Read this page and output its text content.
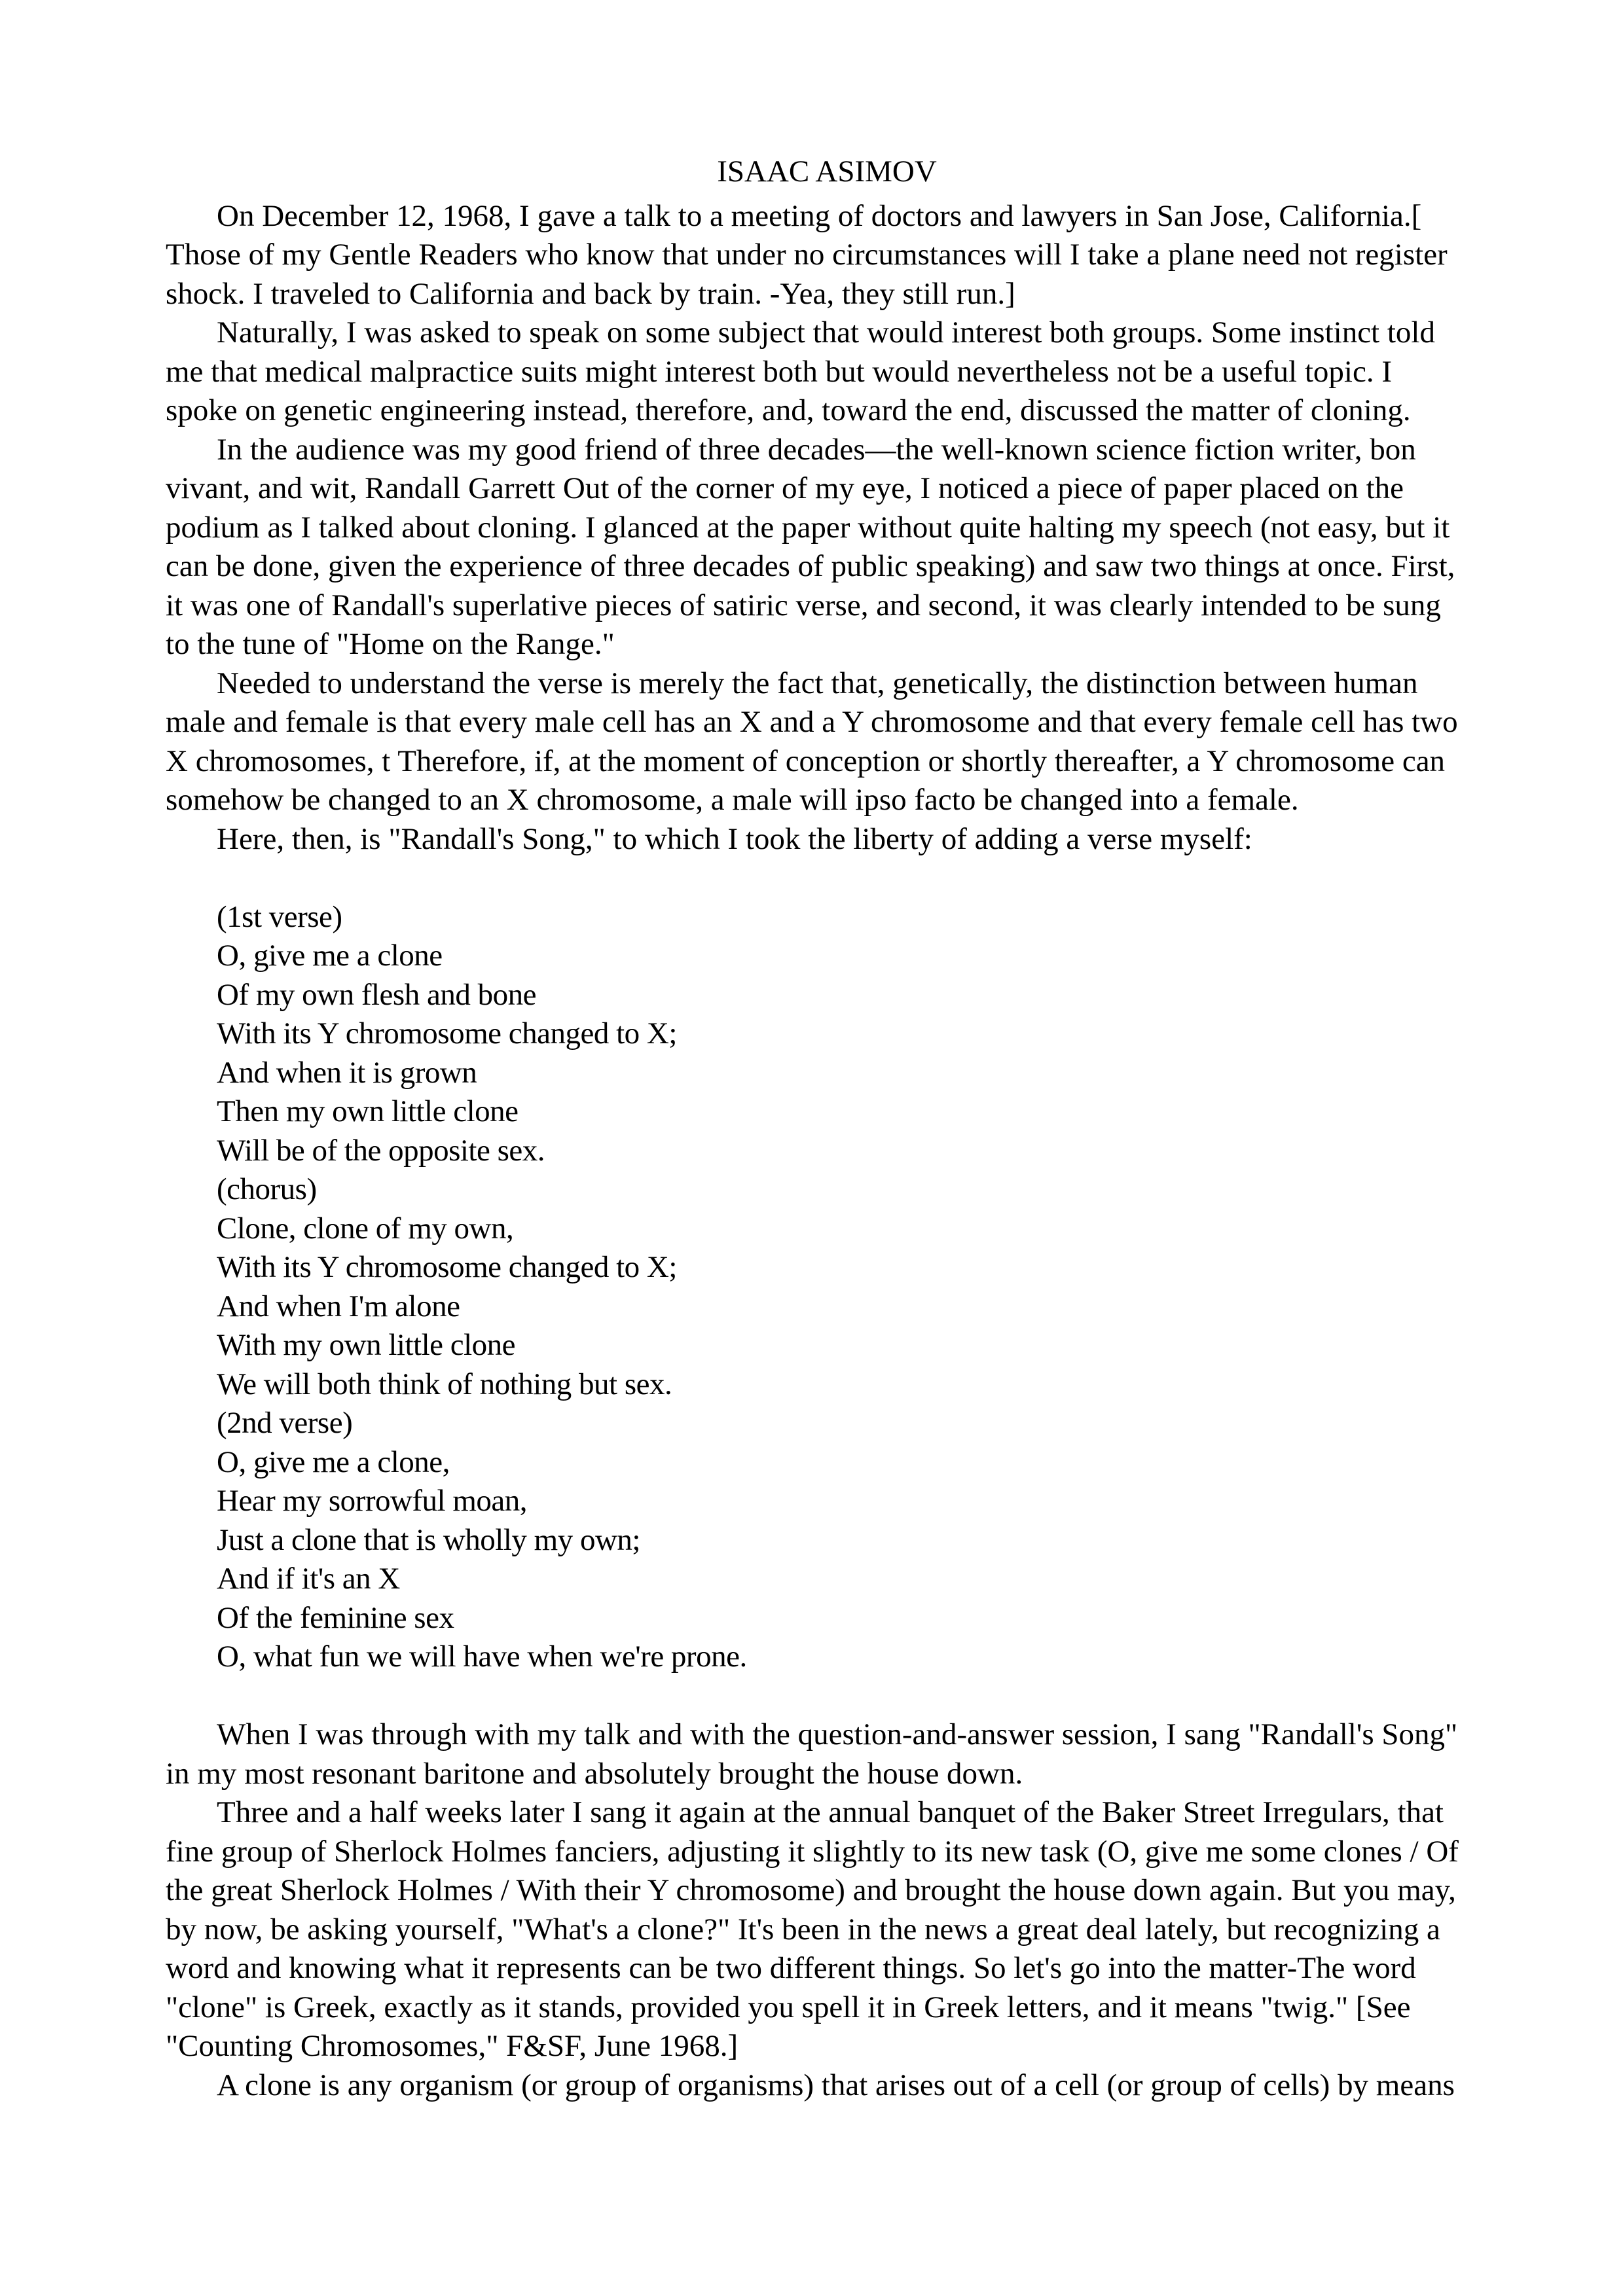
ISAAC ASIMOV

On December 12, 1968, I gave a talk to a meeting of doctors and lawyers in San Jose, California.[ Those of my Gentle Readers who know that under no circumstances will I take a plane need not register shock. I traveled to California and back by train. -Yea, they still run.]

Naturally, I was asked to speak on some subject that would interest both groups. Some instinct told me that medical malpractice suits might interest both but would nevertheless not be a useful topic. I spoke on genetic engineering instead, therefore, and, toward the end, discussed the matter of cloning.

In the audience was my good friend of three decades—the well-known science fiction writer, bon vivant, and wit, Randall Garrett Out of the corner of my eye, I noticed a piece of paper placed on the podium as I talked about cloning. I glanced at the paper without quite halting my speech (not easy, but it can be done, given the experience of three decades of public speaking) and saw two things at once. First, it was one of Randall's superlative pieces of satiric verse, and second, it was clearly intended to be sung to the tune of "Home on the Range."

Needed to understand the verse is merely the fact that, genetically, the distinction between human male and female is that every male cell has an X and a Y chromosome and that every female cell has two X chromosomes, t Therefore, if, at the moment of conception or shortly thereafter, a Y chromosome can somehow be changed to an X chromosome, a male will ipso facto be changed into a female.

Here, then, is "Randall's Song," to which I took the liberty of adding a verse myself:

(1st verse)
O, give me a clone
Of my own flesh and bone
With its Y chromosome changed to X;
And when it is grown
Then my own little clone
Will be of the opposite sex.
(chorus)
Clone, clone of my own,
With its Y chromosome changed to X;
And when I'm alone
With my own little clone
We will both think of nothing but sex.
(2nd verse)
O, give me a clone,
Hear my sorrowful moan,
Just a clone that is wholly my own;
And if it's an X
Of the feminine sex
O, what fun we will have when we're prone.

When I was through with my talk and with the question-and-answer session, I sang "Randall's Song" in my most resonant baritone and absolutely brought the house down.

Three and a half weeks later I sang it again at the annual banquet of the Baker Street Irregulars, that fine group of Sherlock Holmes fanciers, adjusting it slightly to its new task (O, give me some clones / Of the great Sherlock Holmes / With their Y chromosome) and brought the house down again. But you may, by now, be asking yourself, "What's a clone?" It's been in the news a great deal lately, but recognizing a word and knowing what it represents can be two different things. So let's go into the matter-The word "clone" is Greek, exactly as it stands, provided you spell it in Greek letters, and it means "twig." [See "Counting Chromosomes," F&SF, June 1968.]

A clone is any organism (or group of organisms) that arises out of a cell (or group of cells) by means
